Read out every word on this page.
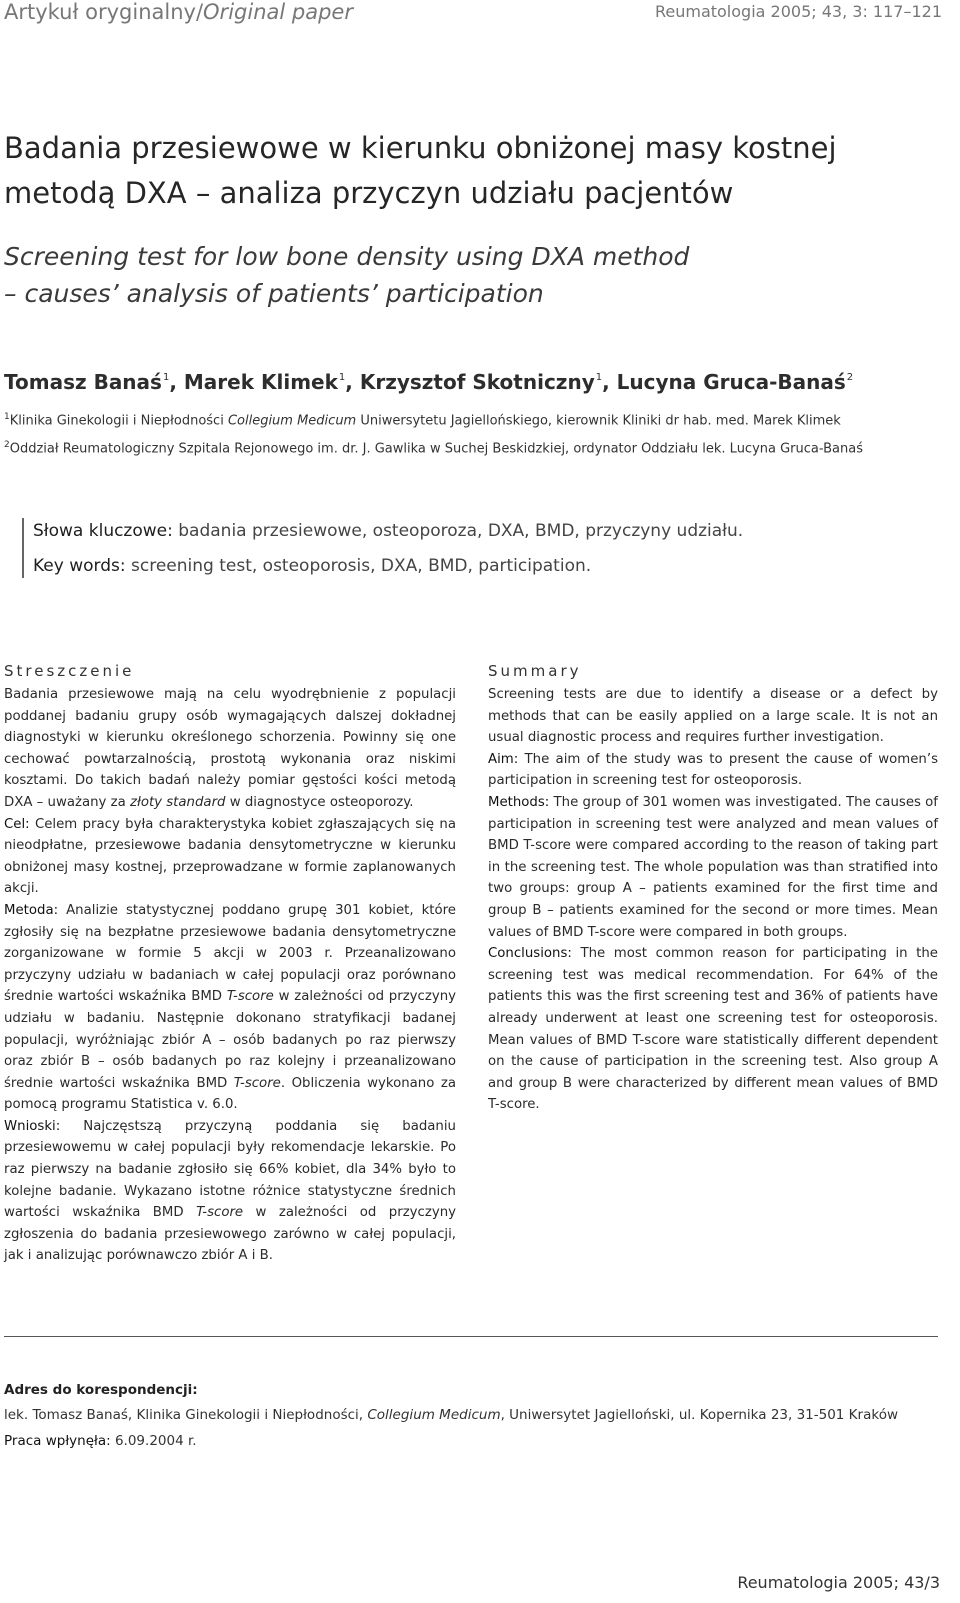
Artykuł oryginalny/Original paper	Reumatologia 2005; 43, 3: 117–121
Badania przesiewowe w kierunku obniżonej masy kostnej metodą DXA – analiza przyczyn udziału pacjentów
Screening test for low bone density using DXA method
– causes’ analysis of patients’ participation
Tomasz Banaś$^1$, Marek Klimek$^1$, Krzysztof Skotniczny$^1$, Lucyna Gruca-Banaś$^2$
$^1$Klinika Ginekologii i Niepłodności Collegium Medicum Uniwersytetu Jagiellońskiego, kierownik Kliniki dr hab. med. Marek Klimek
$^2$Oddział Reumatologiczny Szpitala Rejonowego im. dr. J. Gawlika w Suchej Beskidzkiej, ordynator Oddziału lek. Lucyna Gruca-Banaś
Słowa kluczowe: badania przesiewowe, osteoporoza, DXA, BMD, przyczyny udziału.
Key words: screening test, osteoporosis, DXA, BMD, participation.
Streszczenie	Summary

Badania przesiewowe mają na celu wyodrębnienie z populacji poddanej badaniu grupy osób wymagających dalszej dokładnej diagnostyki w kierunku określonego schorzenia. Powinny się one cechować powtarzalnością, prostotą wykonania oraz niskimi kosztami. Do takich badań należy pomiar gęstości kości metodą DXA – uważany za złoty standard w diagnostyce osteoporozy.

Cel: Celem pracy była charakterystyka kobiet zgłaszających się na nieodpłatne, przesiewowe badania densytometryczne w kierunku obniżonej masy kostnej, przeprowadzane w formie zaplanowanych akcji.

Metoda: Analizie statystycznej poddano grupę 301 kobiet, które zgłosiły się na bezpłatne przesiewowe badania densytometryczne zorganizowane w formie 5 akcji w 2003 r. Przeanalizowano przyczyny udziału w badaniach w całej populacji oraz porównano średnie wartości wskaźnika BMD T-score w zależności od przyczyny udziału w badaniu. Następnie dokonano stratyfikacji badanej populacji, wyróżniając zbiór A – osób badanych po raz pierwszy oraz zbiór B – osób badanych po raz kolejny i przeanalizowano średnie wartości wskaźnika BMD T-score. Obliczenia wykonano za pomocą programu Statistica v. 6.0.

Wnioski: Najczęstszą przyczyną poddania się badaniu przesiewowemu w całej populacji były rekomendacje lekarskie. Po raz pierwszy na badanie zgłosiło się 66% kobiet, dla 34% było to kolejne badanie. Wykazano istotne różnice statystyczne średnich wartości wskaźnika BMD T-score w zależności od przyczyny zgłoszenia do badania przesiewowego zarówno w całej populacji, jak i analizując porównawczo zbiór A i B.

Screening tests are due to identify a disease or a defect by methods that can be easily applied on a large scale. It is not an usual diagnostic process and requires further investigation.

Aim: The aim of the study was to present the cause of women’s participation in screening test for osteoporosis.

Methods: The group of 301 women was investigated. The causes of participation in screening test were analyzed and mean values of BMD T-score were compared according to the reason of taking part in the screening test. The whole population was than stratified into two groups: group A – patients examined for the first time and group B – patients examined for the second or more times. Mean values of BMD T-score were compared in both groups.

Conclusions: The most common reason for participating in the screening test was medical recommendation. For 64% of the patients this was the first screening test and 36% of patients have already underwent at least one screening test for osteoporosis. Mean values of BMD T-score ware statistically different dependent on the cause of participation in the screening test. Also group A and group B were characterized by different mean values of BMD T-score.

Adres do korespondencji:
lek. Tomasz Banaś, Klinika Ginekologii i Niepłodności, Collegium Medicum, Uniwersytet Jagielloński, ul. Kopernika 23, 31-501 Kraków
Praca wpłynęła: 6.09.2004 r.
Reumatologia 2005; 43/3
